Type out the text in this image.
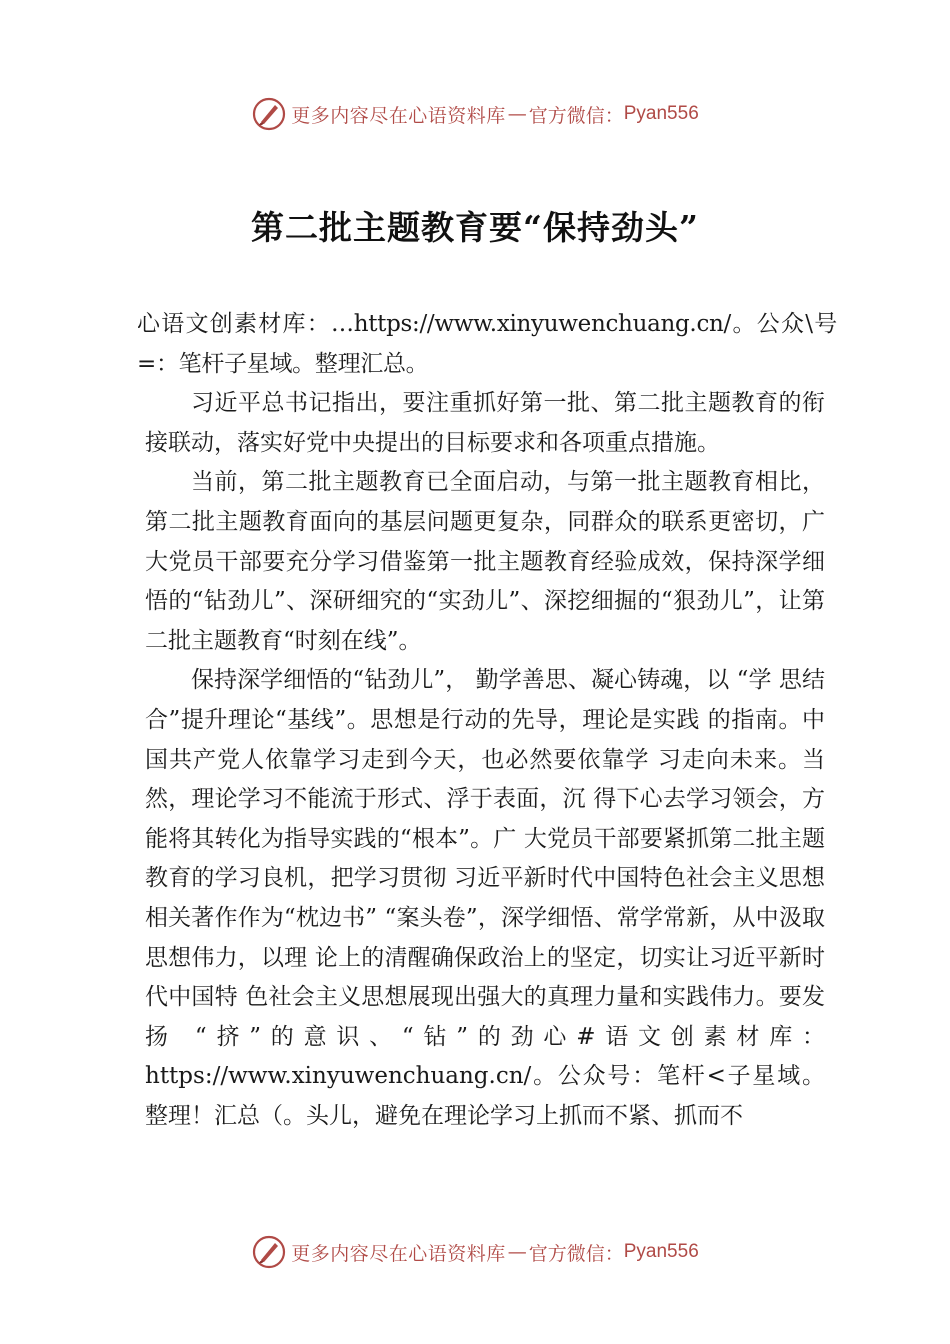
更多内容尽在心语资料库 — 官方微信： Pyan556
第二批主题教育要“保持劲头”

心语文创素材库：…https://www.xinyuwenchuang.cn/。公众\号=：笔杆子星域。整理汇总。

习近平总书记指出，要注重抓好第一批、第二批主题教育的衔接联动，落实好党中央提出的目标要求和各项重点措施。

当前，第二批主题教育已全面启动，与第一批主题教育相比，第二批主题教育面向的基层问题更复杂，同群众的联系更密切，广大党员干部要充分学习借鉴第一批主题教育经验成效，保持深学细悟的“钻劲儿”、深研细究的“实劲儿”、深挖细掘的“狠劲儿”，让第二批主题教育“时刻在线”。

保持深学细悟的“钻劲儿”， 勤学善思、凝心铸魂，以 “学 思结合”提升理论“基线”。思想是行动的先导，理论是实践 的指南。中国共产党人依靠学习走到今天，也必然要依靠学 习走向未来。当然，理论学习不能流于形式、浮于表面，沉 得下心去学习领会，方能将其转化为指导实践的“根本”。广 大党员干部要紧抓第二批主题教育的学习良机，把学习贯彻 习近平新时代中国特色社会主义思想相关著作作为“枕边书” “案头卷”，深学细悟、常学常新，从中汲取思想伟力，以理 论上的清醒确保政治上的坚定，切实让习近平新时代中国特 色社会主义思想展现出强大的真理力量和实践伟力。要发扬 “挤”的意识、“钻”的劲心#语文创素材库：https://www.xinyuwenchuang.cn/。公众号：笔杆<子星域。整理！汇总（。头儿，避免在理论学习上抓而不紧、抓而不

更多内容尽在心语资料库 — 官方微信： Pyan556
